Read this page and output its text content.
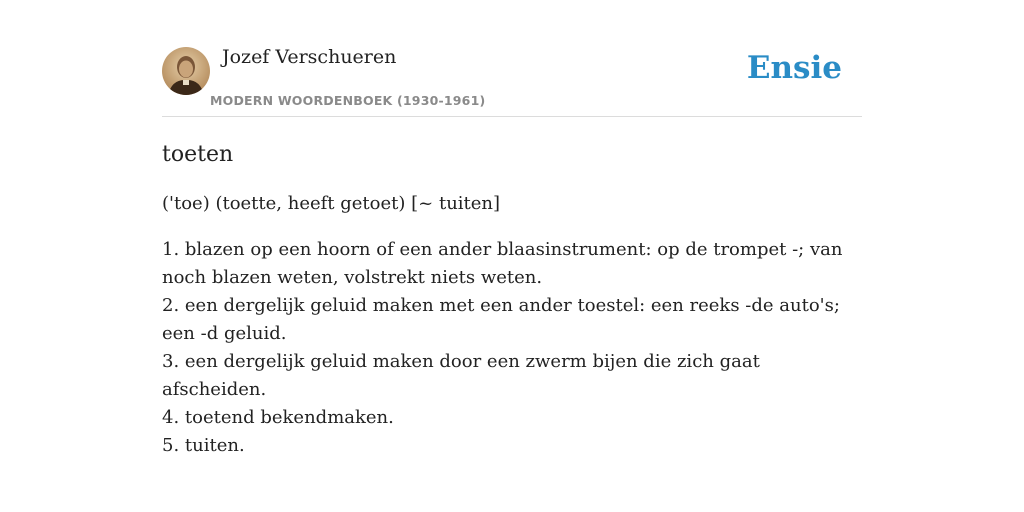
Jozef Verschueren
MODERN WOORDENBOEK (1930-1961)
Ensie
toeten
('toe) (toette, heeft getoet) [~ tuiten]
1. blazen op een hoorn of een ander blaasinstrument: op de trompet -; van noch blazen weten, volstrekt niets weten.
2. een dergelijk geluid maken met een ander toestel: een reeks -de auto's; een -d geluid.
3. een dergelijk geluid maken door een zwerm bijen die zich gaat afscheiden.
4. toetend bekendmaken.
5. tuiten.
